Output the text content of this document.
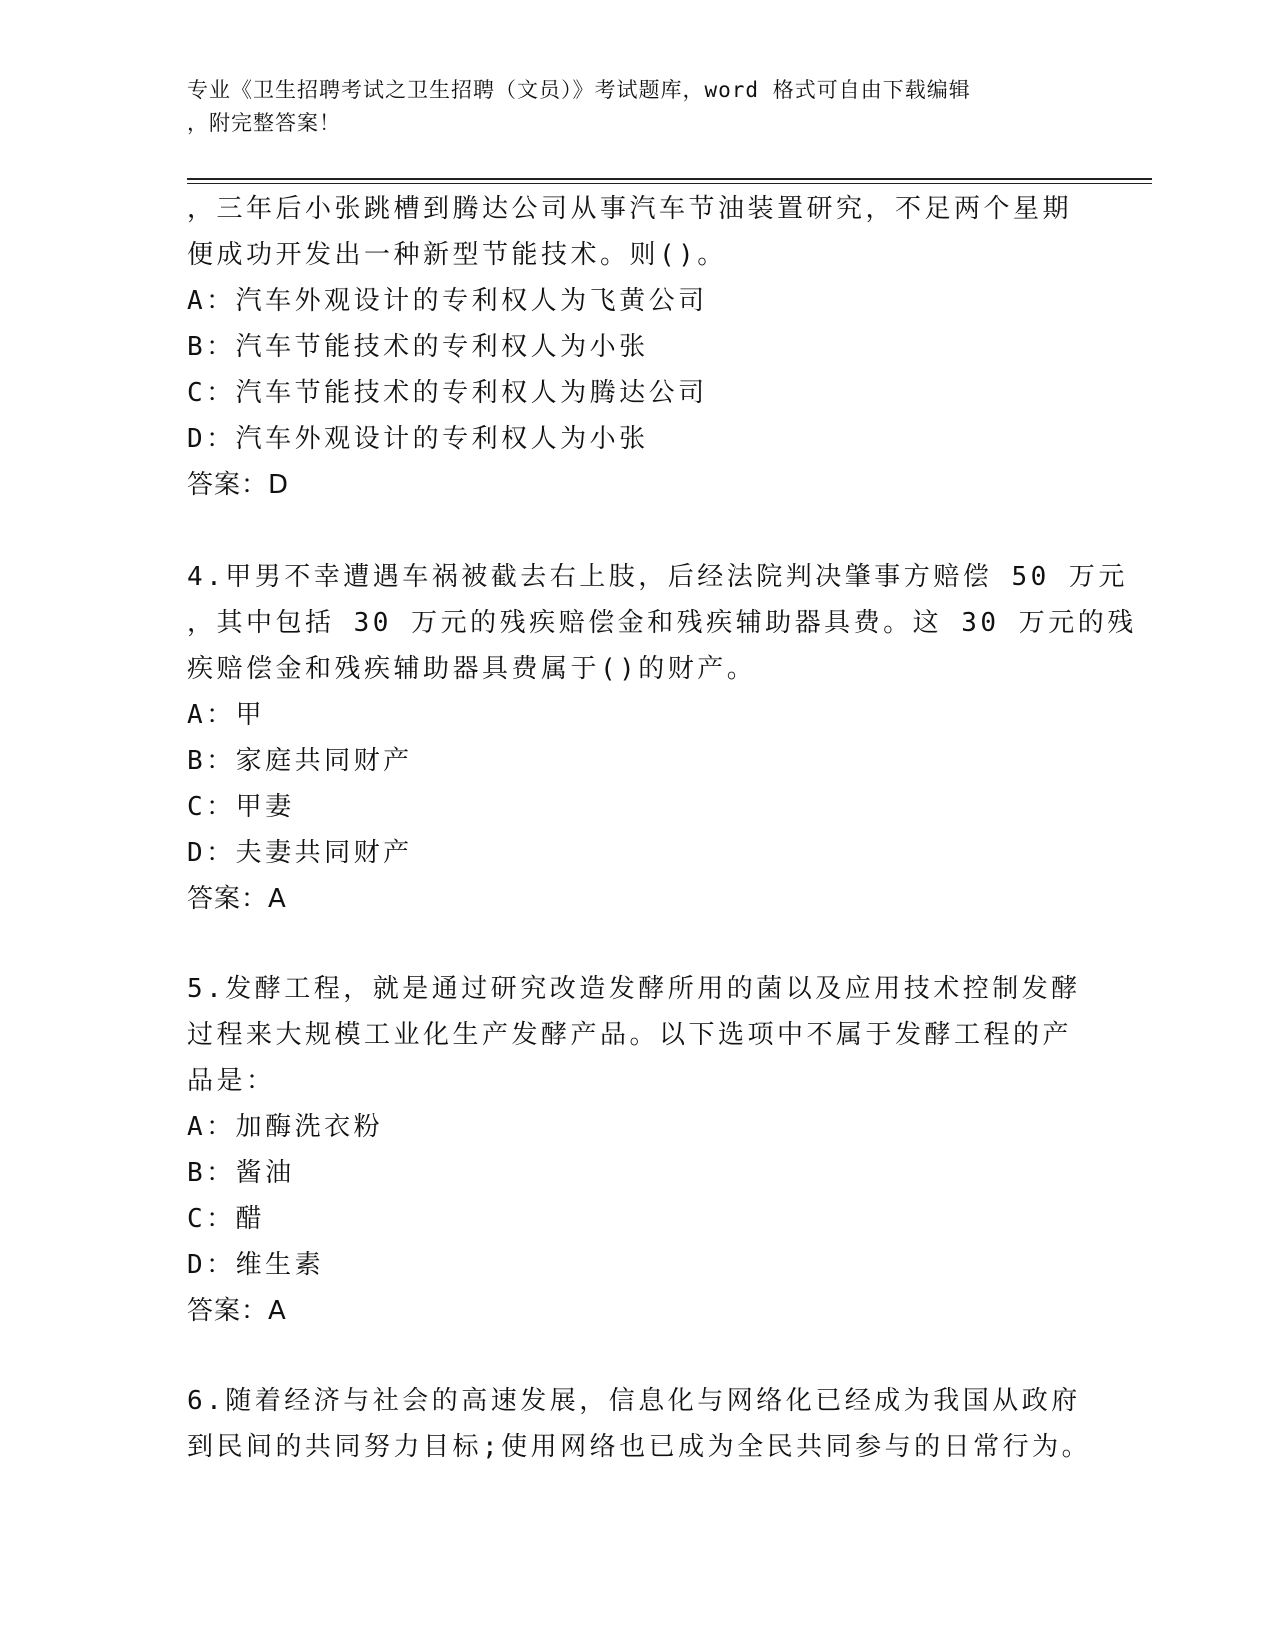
专业《卫生招聘考试之卫生招聘（文员）》考试题库，word 格式可自由下载编辑
，附完整答案！
，三年后小张跳槽到腾达公司从事汽车节油装置研究，不足两个星期
便成功开发出一种新型节能技术。则()。
A：汽车外观设计的专利权人为飞黄公司
B：汽车节能技术的专利权人为小张
C：汽车节能技术的专利权人为腾达公司
D：汽车外观设计的专利权人为小张
答案：D
4.甲男不幸遭遇车祸被截去右上肢，后经法院判决肇事方赔偿 50 万元
，其中包括 30 万元的残疾赔偿金和残疾辅助器具费。这 30 万元的残
疾赔偿金和残疾辅助器具费属于()的财产。
A：甲
B：家庭共同财产
C：甲妻
D：夫妻共同财产
答案：A
5.发酵工程，就是通过研究改造发酵所用的菌以及应用技术控制发酵
过程来大规模工业化生产发酵产品。以下选项中不属于发酵工程的产
品是：
A：加酶洗衣粉
B：酱油
C：醋
D：维生素
答案：A
6.随着经济与社会的高速发展，信息化与网络化已经成为我国从政府
到民间的共同努力目标;使用网络也已成为全民共同参与的日常行为。
